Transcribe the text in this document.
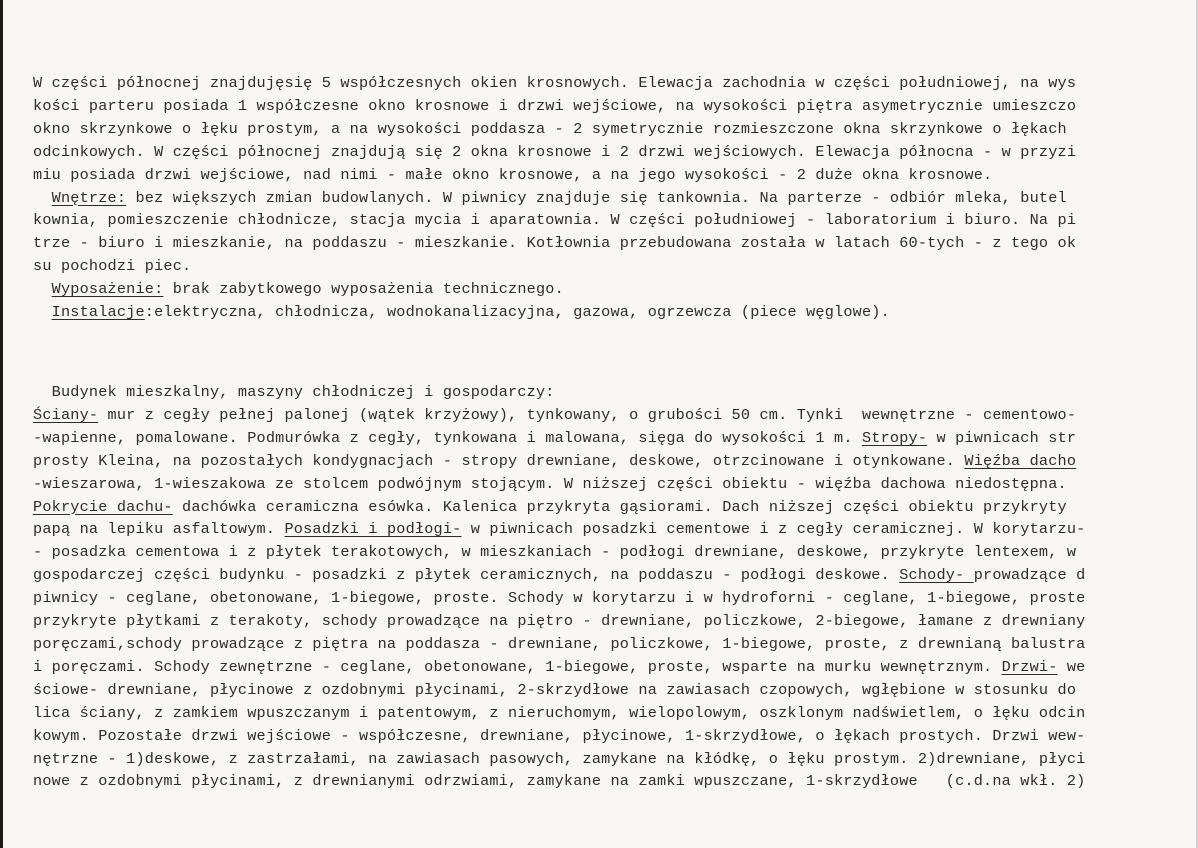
W części północnej znajdujęsię 5 współczesnych okien krosnowych. Elewacja zachodnia w części południowej, na wys
kości parteru posiada 1 współczesne okno krosnowe i drzwi wejściowe, na wysokości piętra asymetrycznie umieszczo
okno skrzynkowe o łęku prostym, a na wysokości poddasza - 2 symetrycznie rozmieszczone okna skrzynkowe o łękach
odcinkowych. W części północnej znajdują się 2 okna krosnowe i 2 drzwi wejściowych. Elewacja północna - w przyzi
miu posiada drzwi wejściowe, nad nimi - małe okno krosnowe, a na jego wysokości - 2 duże okna krosnowe.
Wnętrze: bez większych zmian budowlanych. W piwnicy znajduje się tankownia. Na parterze - odbiór mleka, butel
kownia, pomieszczenie chłodnicze, stacja mycia i aparatownia. W części południowej - laboratorium i biuro. Na pi
trze - biuro i mieszkanie, na poddaszu - mieszkanie. Kotłownia przebudowana została w latach 60-tych - z tego ok
su pochodzi piec.
Wyposażenie: brak zabytkowego wyposażenia technicznego.
Instalacje:elektryczna, chłodnicza, wodnokanalizacyjna, gazowa, ogrzewcza (piece węglowe).
Budynek mieszkalny, maszyny chłodniczej i gospodarczy:
Ściany- mur z cegły pełnej palonej (wątek krzyżowy), tynkowany, o grubości 50 cm. Tynki  wewnętrzne - cementowo-
-wapienne, pomalowane. Podmurówka z cegły, tynkowana i malowana, sięga do wysokości 1 m. Stropy- w piwnicach str
prosty Kleina, na pozostałych kondygnacjach - stropy drewniane, deskowe, otrzcinowane i otynkowane. Więźba dacho
-wieszarowa, 1-wieszakowa ze stolcem podwójnym stojącym. W niższej części obiektu - więźba dachowa niedostępna.
Pokrycie dachu- dachówka ceramiczna esówka. Kalenica przykryta gąsiorami. Dach niższej części obiektu przykryty
papą na lepiku asfaltowym. Posadzki i podłogi- w piwnicach posadzki cementowe i z cegły ceramicznej. W korytarzu-
- posadzka cementowa i z płytek terakotowych, w mieszkaniach - podłogi drewniane, deskowe, przykryte lentexem, w
gospodarczej części budynku - posadzki z płytek ceramicznych, na poddaszu - podłogi deskowe. Schody- prowadzące d
piwnicy - ceglane, obetonowane, 1-biegowe, proste. Schody w korytarzu i w hydroforni - ceglane, 1-biegowe, proste
przykryte płytkami z terakoty, schody prowadzące na piętro - drewniane, policzkowe, 2-biegowe, łamane z drewniany
poręczami,schody prowadzące z piętra na poddasza - drewniane, policzkowe, 1-biegowe, proste, z drewnianą balustra
i poręczami. Schody zewnętrzne - ceglane, obetonowane, 1-biegowe, proste, wsparte na murku wewnętrznym. Drzwi- we
ściowe- drewniane, płycinowe z ozdobnymi płycinami, 2-skrzydłowe na zawiasach czopowych, wgłębione w stosunku do
lica ściany, z zamkiem wpuszczanym i patentowym, z nieruchomym, wielopolowym, oszklonym nadświetlem, o łęku odcin
kowym. Pozostałe drzwi wejściowe - współczesne, drewniane, płycinowe, 1-skrzydłowe, o łękach prostych. Drzwi wew-
nętrzne - 1)deskowe, z zastrzałami, na zawiasach pasowych, zamykane na kłódkę, o łęku prostym. 2)drewniane, płyci
nowe z ozdobnymi płycinami, z drewnianymi odrzwiami, zamykane na zamki wpuszczane, 1-skrzydłowe   (c.d.na wkł. 2)
